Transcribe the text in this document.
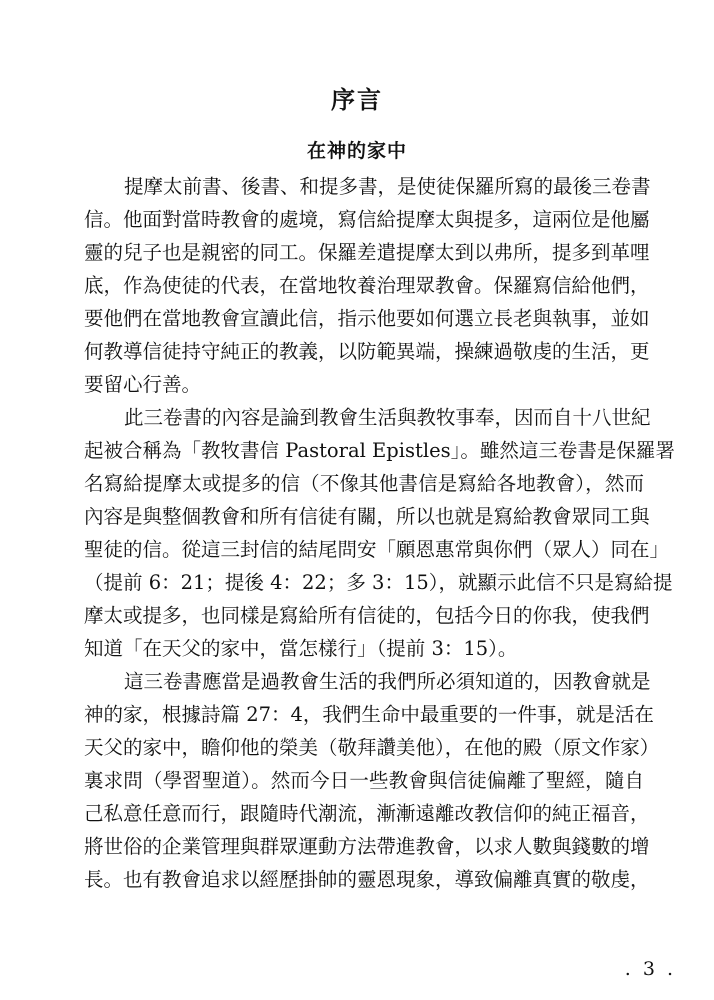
序言
在神的家中
提摩太前書、後書、和提多書，是使徒保羅所寫的最後三卷書
信。他面對當時教會的處境，寫信給提摩太與提多，這兩位是他屬
靈的兒子也是親密的同工。保羅差遣提摩太到以弗所，提多到革哩
底，作為使徒的代表，在當地牧養治理眾教會。保羅寫信給他們，
要他們在當地教會宣讀此信，指示他要如何選立長老與執事，並如
何教導信徒持守純正的教義，以防範異端，操練過敬虔的生活，更
要留心行善。
此三卷書的內容是論到教會生活與教牧事奉，因而自十八世紀
起被合稱為「教牧書信 Pastoral Epistles」。雖然這三卷書是保羅署
名寫給提摩太或提多的信（不像其他書信是寫給各地教會），然而
內容是與整個教會和所有信徒有關，所以也就是寫給教會眾同工與
聖徒的信。從這三封信的結尾問安「願恩惠常與你們（眾人）同在」
（提前 6：21；提後 4：22；多 3：15），就顯示此信不只是寫給提
摩太或提多，也同樣是寫給所有信徒的，包括今日的你我，使我們
知道「在天父的家中，當怎樣行」（提前 3：15）。
這三卷書應當是過教會生活的我們所必須知道的，因教會就是
神的家，根據詩篇 27：4，我們生命中最重要的一件事，就是活在
天父的家中，瞻仰他的榮美（敬拜讚美他），在他的殿（原文作家）
裏求問（學習聖道）。然而今日一些教會與信徒偏離了聖經，隨自
己私意任意而行，跟隨時代潮流，漸漸遠離改教信仰的純正福音，
將世俗的企業管理與群眾運動方法帶進教會，以求人數與錢數的增
長。也有教會追求以經歷掛帥的靈恩現象，導致偏離真實的敬虔，
. 3 .
